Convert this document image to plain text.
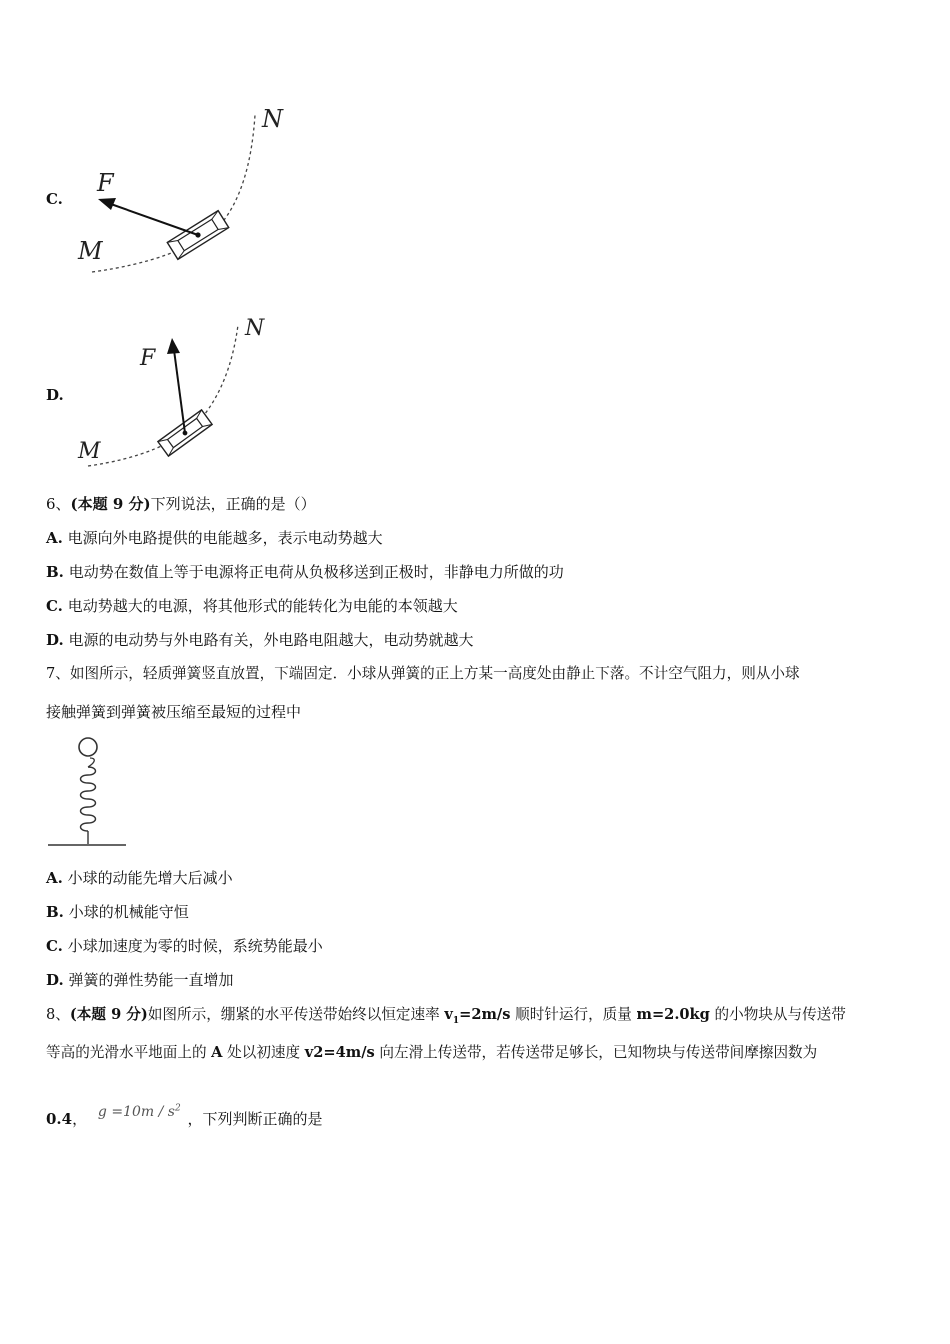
C.
F
M
N
D.
F
M
N
6、(本题 9 分)下列说法，正确的是（）
A. 电源向外电路提供的电能越多，表示电动势越大
B. 电动势在数值上等于电源将正电荷从负极移送到正极时，非静电力所做的功
C. 电动势越大的电源，将其他形式的能转化为电能的本领越大
D. 电源的电动势与外电路有关，外电路电阻越大，电动势就越大
7、如图所示，轻质弹簧竖直放置，下端固定．小球从弹簧的正上方某一高度处由静止下落。不计空气阻力，则从小球
接触弹簧到弹簧被压缩至最短的过程中
A. 小球的动能先增大后减小
B. 小球的机械能守恒
C. 小球加速度为零的时候，系统势能最小
D. 弹簧的弹性势能一直增加
8、(本题 9 分)如图所示，绷紧的水平传送带始终以恒定速率 $v_1=2m/s$ 顺时针运行，质量 m=2.0kg 的小物块从与传送带
等高的光滑水平地面上的 A 处以初速度 v2=4m/s 向左滑上传送带，若传送带足够长，已知物块与传送带间摩擦因数为
0.4， $g =10m / s^2$ ，下列判断正确的是
